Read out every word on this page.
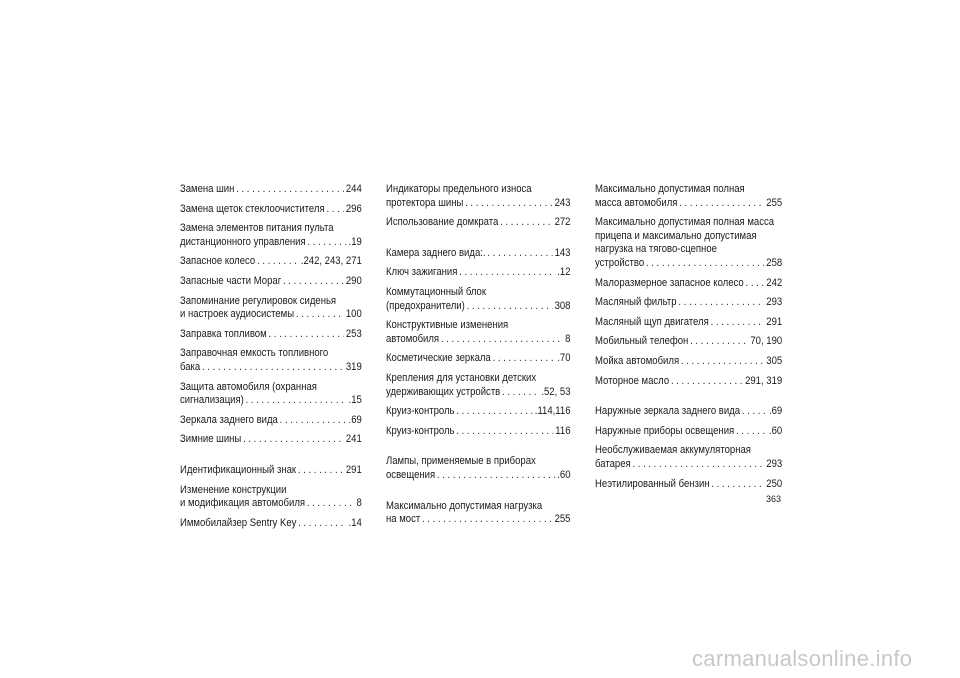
Замена шин . . .	244
Замена щеток стеклоочистителя . . . 296
Замена элементов питания пульта
дистанционного управления . . .	.19
Запасное колесо . . .	.242, 243, 271
Запасные части Мораг . . .	290
Запоминание регулировок сиденья
и настроек аудиосистемы . . .	100
Заправка топливом . . .	253
Заправочная емкость топливного
бака . . .	319
Защита автомобиля (охранная
сигнализация) . . .	.15
Зеркала заднего вида . . .	.69
Зимние шины . . .	241
Идентификационный знак . . .	291
Изменение конструкции
и модификация автомобиля . . .	8
Иммобилайзер Sentry Key . . .	.14
Индикаторы предельного износа
протектора шины . . .	243
Использование домкрата . . .	272
Камера заднего вида:. . . .	143
Ключ зажигания . . .	.12
Коммутационный блок
(предохранители) . . .	308
Конструктивные изменения
автомобиля . . .	8
Косметические зеркала . . .	.70
Крепления для установки детских
удерживающих устройств . . .	.52, 53
Круиз-контроль . . .	.114,116
Круиз-контроль . . .	116
Лампы, применяемые в приборах
освещения . . .	.60
Максимально допустимая нагрузка
на мост . . .	255
Максимально допустимая полная
масса автомобиля . . .	255
Максимально допустимая полная масса
прицепа и максимально допустимая
нагрузка на тягово-сцепное
устройство . . .	258
Малоразмерное запасное колесо . . . 242
Масляный фильтр . . .	293
Масляный щуп двигателя . . .	291
Мобильный телефон . . .	70, 190
Мойка автомобиля . . .	305
Моторное масло . . .	291, 319
Наружные зеркала заднего вида . . .	.69
Наружные приборы освещения . . .	.60
Необслуживаемая аккумуляторная
батарея . . .	293
Неэтилированный бензин . . .	250
363
carmanualsonline.info
